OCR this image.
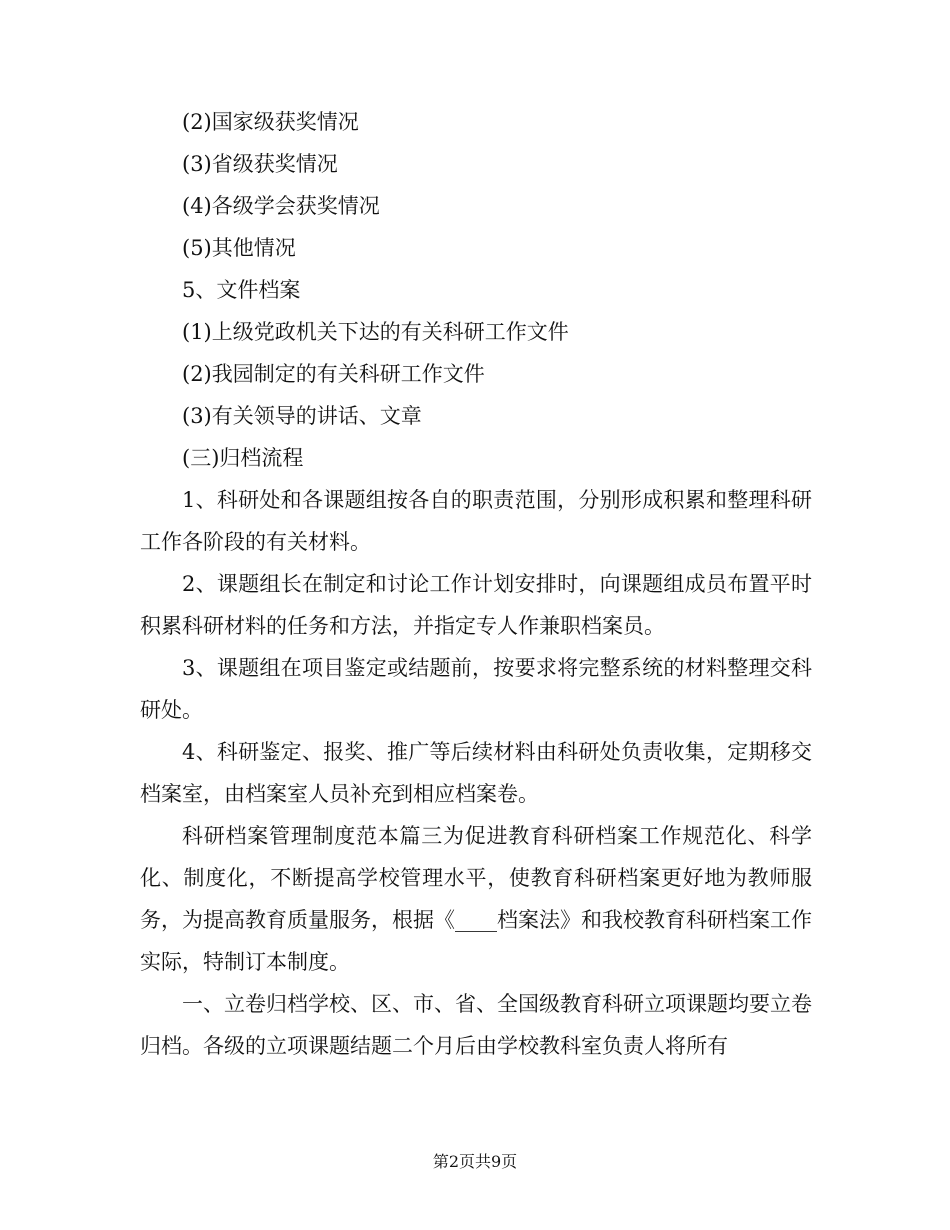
(2)国家级获奖情况

(3)省级获奖情况

(4)各级学会获奖情况

(5)其他情况

5、文件档案

(1)上级党政机关下达的有关科研工作文件

(2)我园制定的有关科研工作文件

(3)有关领导的讲话、文章

(三)归档流程

1、科研处和各课题组按各自的职责范围，分别形成积累和整理科研工作各阶段的有关材料。

2、课题组长在制定和讨论工作计划安排时，向课题组成员布置平时积累科研材料的任务和方法，并指定专人作兼职档案员。

3、课题组在项目鉴定或结题前，按要求将完整系统的材料整理交科研处。

4、科研鉴定、报奖、推广等后续材料由科研处负责收集，定期移交档案室，由档案室人员补充到相应档案卷。

科研档案管理制度范本篇三为促进教育科研档案工作规范化、科学化、制度化，不断提高学校管理水平，使教育科研档案更好地为教师服务，为提高教育质量服务，根据《____档案法》和我校教育科研档案工作实际，特制订本制度。

一、立卷归档学校、区、市、省、全国级教育科研立项课题均要立卷归档。各级的立项课题结题二个月后由学校教科室负责人将所有

第2页共9页
